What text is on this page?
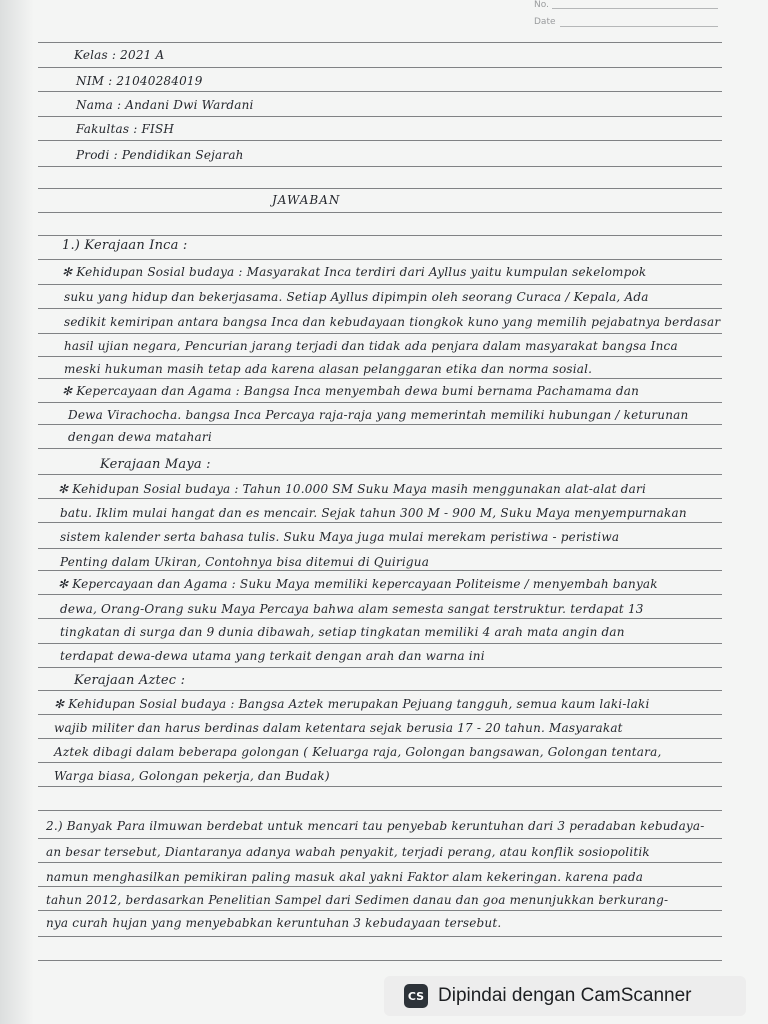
No.
Date
Kelas : 2021 A
NIM : 21040284019
Nama : Andani Dwi Wardani
Fakultas : FISH
Prodi : Pendidikan Sejarah
JAWABAN
1.) Kerajaan Inca :
✻ Kehidupan Sosial budaya : Masyarakat Inca terdiri dari Ayllus yaitu kumpulan sekelompok
suku yang hidup dan bekerjasama. Setiap Ayllus dipimpin oleh seorang Curaca / Kepala, Ada
sedikit kemiripan antara bangsa Inca dan kebudayaan tiongkok kuno yang memilih pejabatnya berdasar
hasil ujian negara, Pencurian jarang terjadi dan tidak ada penjara dalam masyarakat bangsa Inca
meski hukuman masih tetap ada karena alasan pelanggaran etika dan norma sosial.
✻ Kepercayaan dan Agama : Bangsa Inca menyembah dewa bumi bernama Pachamama dan
Dewa Virachocha. bangsa Inca Percaya raja-raja yang memerintah memiliki hubungan / keturunan
dengan dewa matahari
Kerajaan Maya :
✻ Kehidupan Sosial budaya : Tahun 10.000 SM Suku Maya masih menggunakan alat-alat dari
batu. Iklim mulai hangat dan es mencair. Sejak tahun 300 M - 900 M, Suku Maya menyempurnakan
sistem kalender serta bahasa tulis. Suku Maya juga mulai merekam peristiwa - peristiwa
Penting dalam Ukiran, Contohnya bisa ditemui di Quirigua
✻ Kepercayaan dan Agama : Suku Maya memiliki kepercayaan Politeisme / menyembah banyak
dewa, Orang-Orang suku Maya Percaya bahwa alam semesta sangat terstruktur. terdapat 13
tingkatan di surga dan 9 dunia dibawah, setiap tingkatan memiliki 4 arah mata angin dan
terdapat dewa-dewa utama yang terkait dengan arah dan warna ini
Kerajaan Aztec :
✻ Kehidupan Sosial budaya : Bangsa Aztek merupakan Pejuang tangguh, semua kaum laki-laki
wajib militer dan harus berdinas dalam ketentara sejak berusia 17 - 20 tahun. Masyarakat
Aztek dibagi dalam beberapa golongan ( Keluarga raja, Golongan bangsawan, Golongan tentara,
Warga biasa, Golongan pekerja, dan Budak)
2.) Banyak Para ilmuwan berdebat untuk mencari tau penyebab keruntuhan dari 3 peradaban kebudaya-
an besar tersebut, Diantaranya adanya wabah penyakit, terjadi perang, atau konflik sosiopolitik
namun menghasilkan pemikiran paling masuk akal yakni Faktor alam kekeringan. karena pada
tahun 2012, berdasarkan Penelitian Sampel dari Sedimen danau dan goa menunjukkan berkurang-
nya curah hujan yang menyebabkan keruntuhan 3 kebudayaan tersebut.
CS Dipindai dengan CamScanner
